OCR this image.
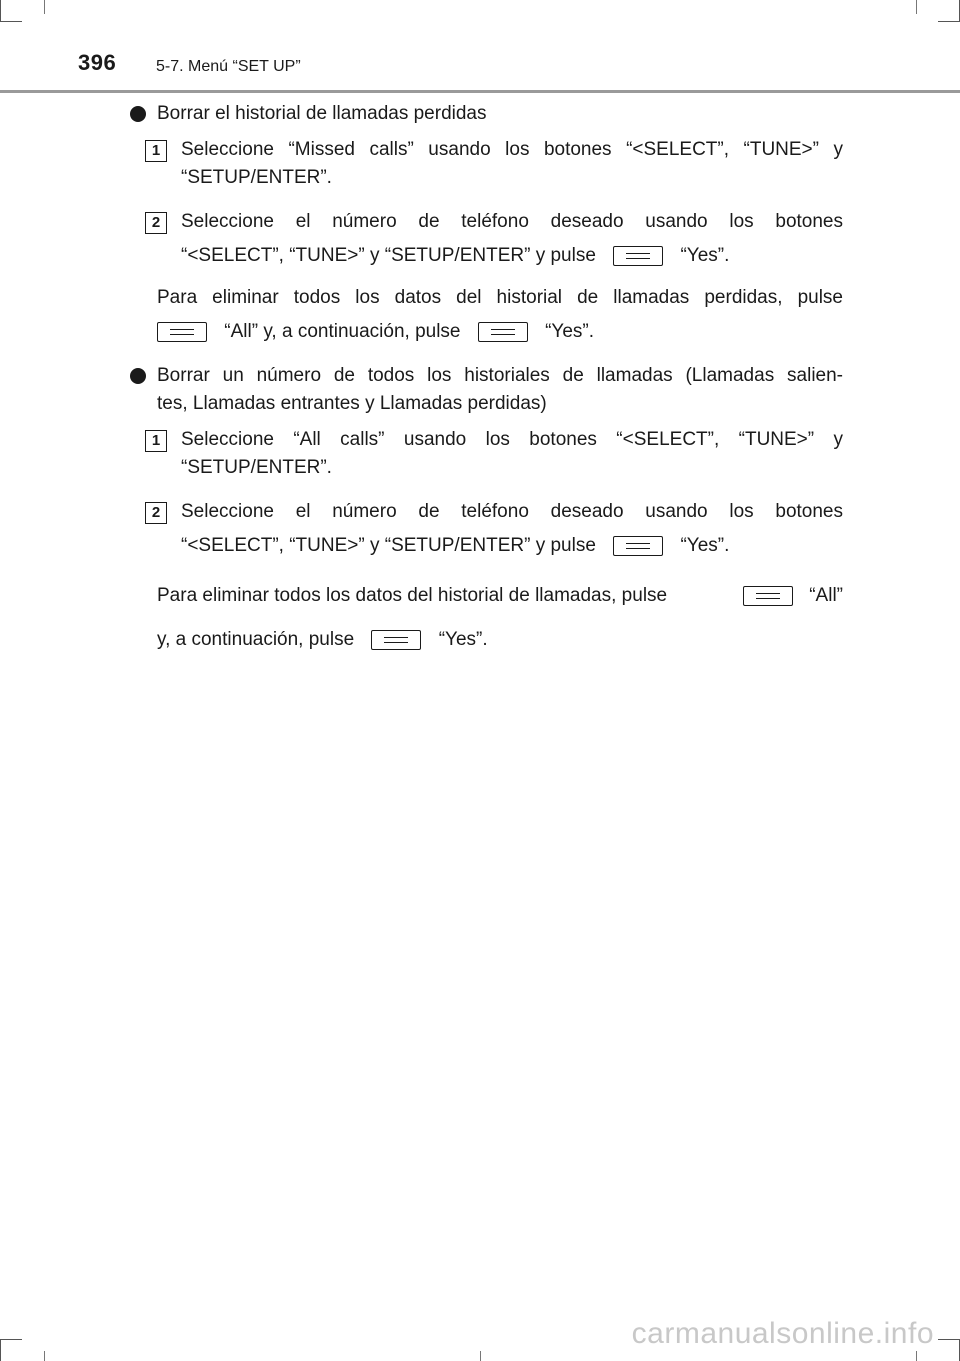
396 5-7. Menú “SET UP”
Borrar el historial de llamadas perdidas
1	Seleccione “Missed calls” usando los botones “<SELECT”, “TUNE>” y
“SETUP/ENTER”.
2	Seleccione el número de teléfono deseado usando los botones
“<SELECT”, “TUNE>” y “SETUP/ENTER” y pulse	“Yes”.
Para eliminar todos los datos del historial de llamadas perdidas, pulse
“All” y, a continuación, pulse	“Yes”.
Borrar un número de todos los historiales de llamadas (Llamadas salien-
tes, Llamadas entrantes y Llamadas perdidas)
1	Seleccione “All calls” usando los botones “<SELECT”, “TUNE>” y
“SETUP/ENTER”.
2	Seleccione el número de teléfono deseado usando los botones
“<SELECT”, “TUNE>” y “SETUP/ENTER” y pulse	“Yes”.
Para eliminar todos los datos del historial de llamadas, pulse	“All”
y, a continuación, pulse	“Yes”.
carmanualsonline.info
